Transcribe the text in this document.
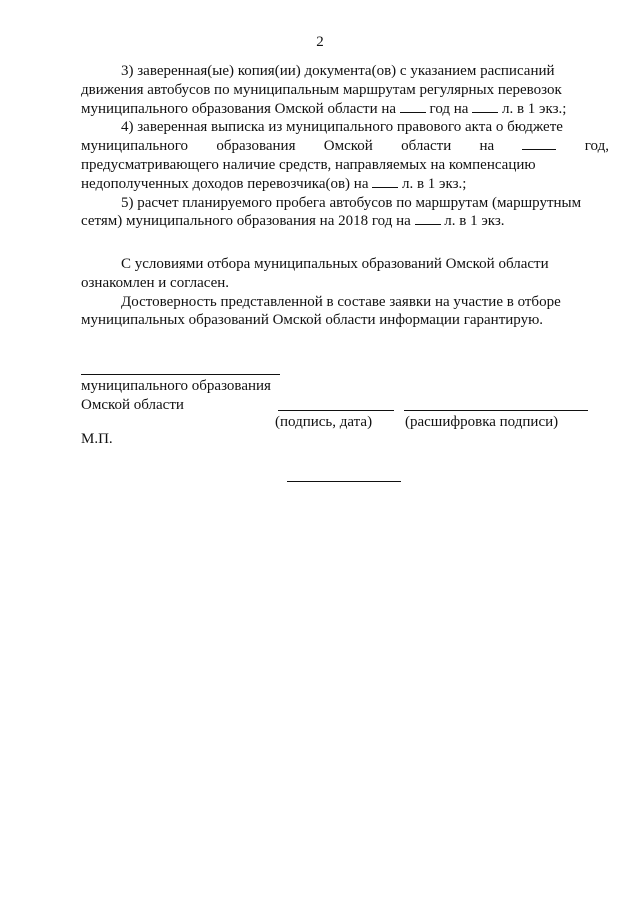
2

3) заверенная(ые) копия(ии) документа(ов) с указанием расписаний
движения автобусов по муниципальным маршрутам регулярных перевозок
муниципального образования Омской области на год на л. в 1 экз.;

4) заверенная выписка из муниципального правового акта о бюджете
муниципального образования Омской области на	год,
предусматривающего наличие средств, направляемых на компенсацию
недополученных доходов перевозчика(ов) на л. в 1 экз.;

5) расчет планируемого пробега автобусов по маршрутам (маршрутным
сетям) муниципального образования на 2018 год на л. в 1 экз.

С условиями отбора муниципальных образований Омской области
ознакомлен и согласен.

Достоверность представленной в составе заявки на участие в отборе
муниципальных образований Омской области информации гарантирую.

муниципального образования
Омской области
(подпись, дата) (расшифровка подписи)
М.П.
